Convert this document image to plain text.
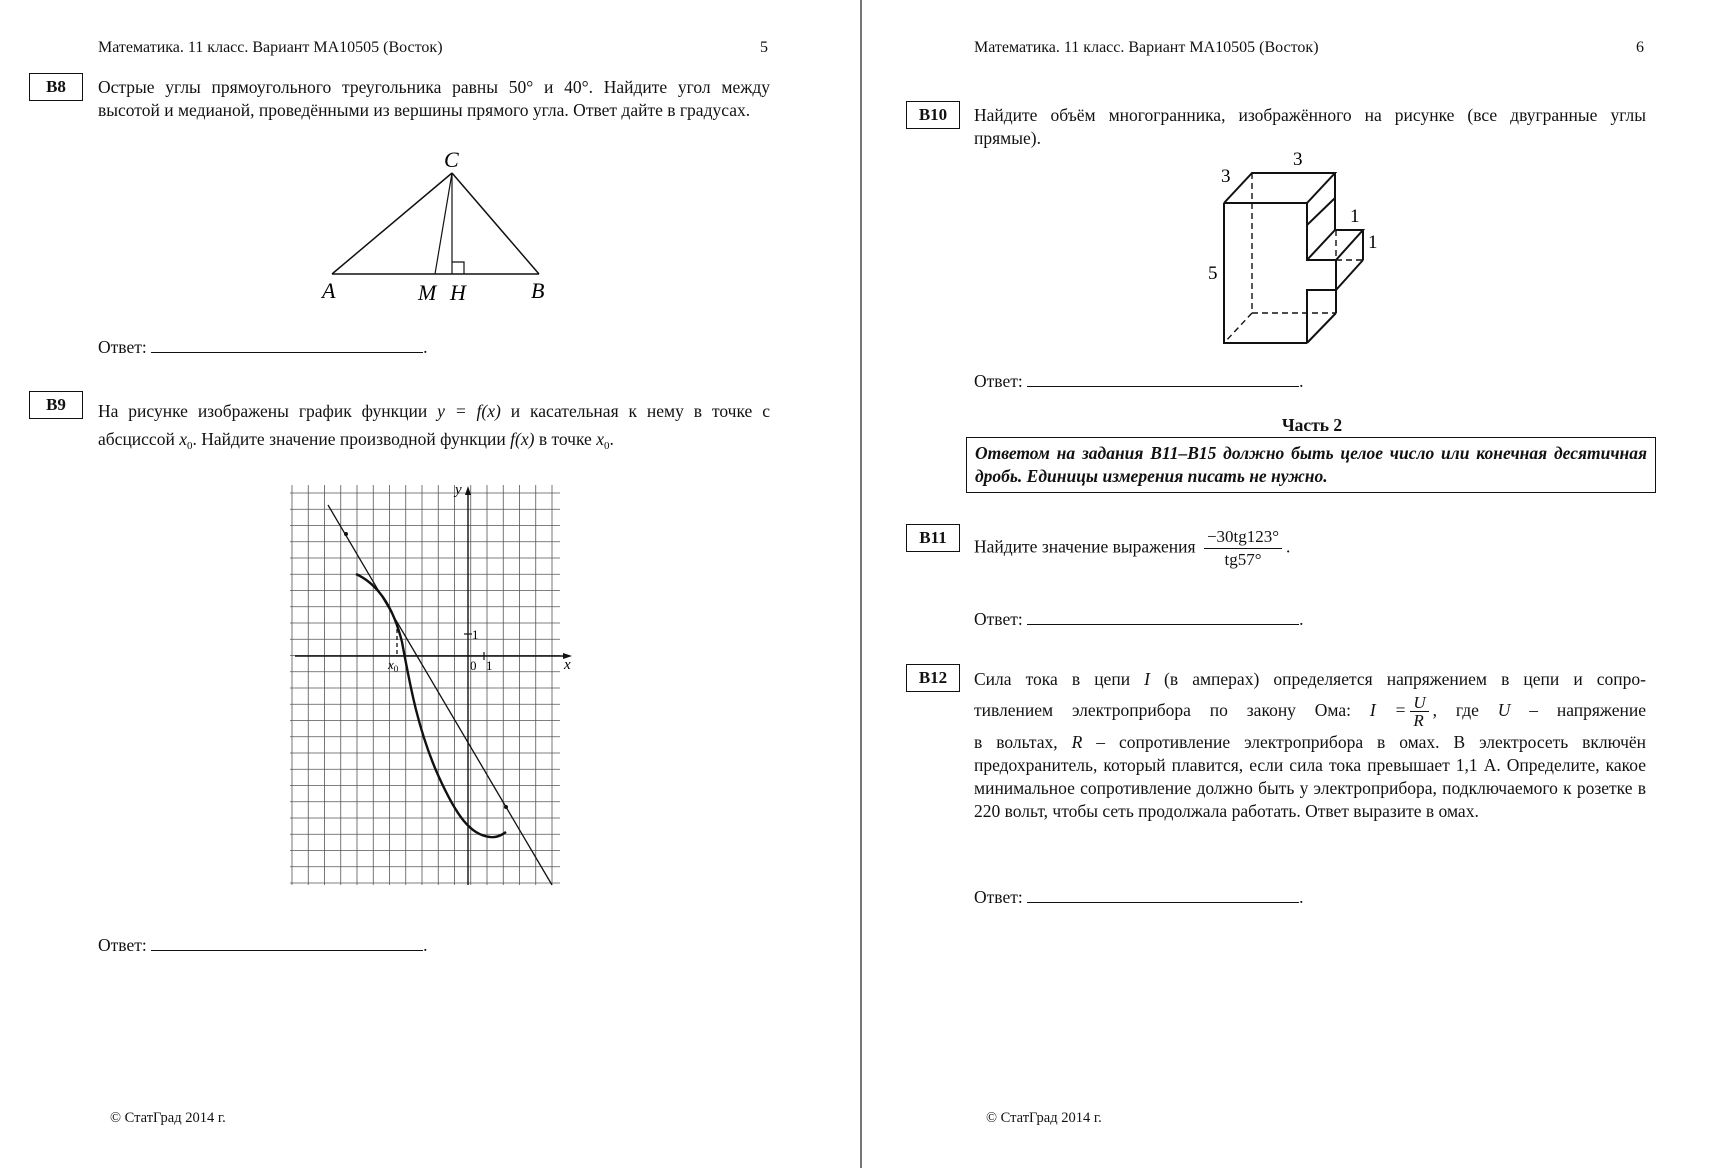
Математика. 11 класс. Вариант МА10505 (Восток)	5
B8	Острые углы прямоугольного треугольника равны 50° и 40°. Найдите угол между высотой и медианой, проведёнными из вершины прямого угла. Ответ дайте в градусах.
C
A	M H	B
Ответ:	.
B9	На рисунке изображены график функции y = f(x) и касательная к нему в точке с абсциссой $x_0$. Найдите значение производной функции f(x) в точке $x_0$.
y
x
1
1
0
$x_0$
Ответ:	.
© СтатГрад 2014 г.
Математика. 11 класс. Вариант МА10505 (Восток)	6
B10	Найдите объём многогранника, изображённого на рисунке (все двугранные углы прямые).
3
3
5
1
1
Ответ:	.
Часть 2
Ответом на задания В11–В15 должно быть целое число или конечная десятичная дробь. Единицы измерения писать не нужно.
B11	Найдите значение выражения $\frac{-30tg123^\circ}{tg57^\circ}$ .
Ответ:	.
B12	Сила тока в цепи I (в амперах) определяется напряжением в цепи и сопро-
тивлением электроприбора по закону Ома: $I = \frac{U}{R}$ , где U – напряжение
в вольтах, R – сопротивление электроприбора в омах. В электросеть включён предохранитель, который плавится, если сила тока превышает 1,1 А. Определите, какое минимальное сопротивление должно быть у электроприбора, подключаемого к розетке в 220 вольт, чтобы сеть продолжала работать. Ответ выразите в омах.
Ответ:	.
© СтатГрад 2014 г.
